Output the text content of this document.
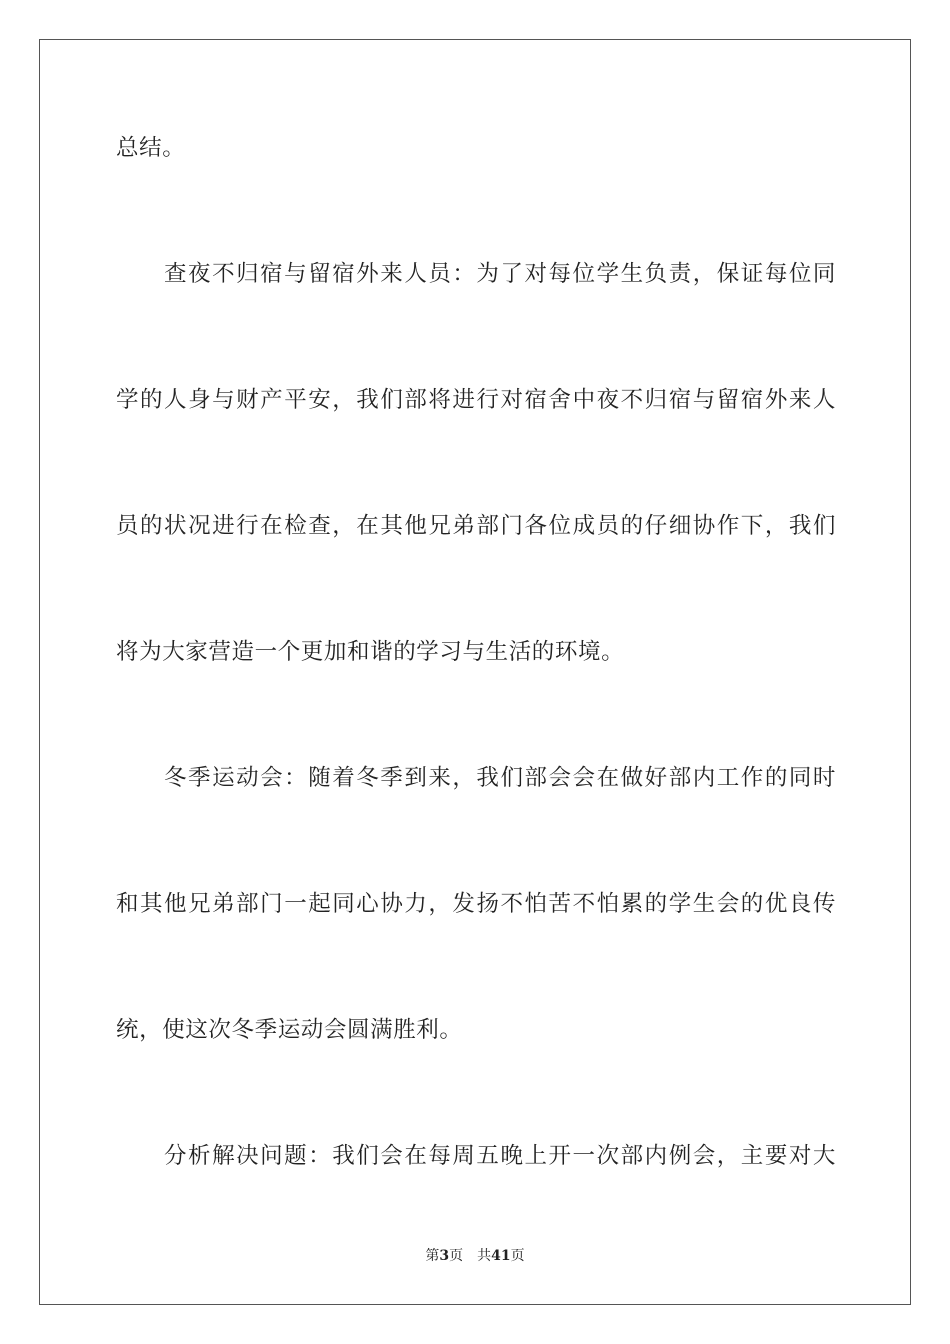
总结。
查夜不归宿与留宿外来人员：为了对每位学生负责，保证每位同
学的人身与财产平安，我们部将进行对宿舍中夜不归宿与留宿外来人
员的状况进行在检查，在其他兄弟部门各位成员的仔细协作下，我们
将为大家营造一个更加和谐的学习与生活的环境。
冬季运动会：随着冬季到来，我们部会会在做好部内工作的同时
和其他兄弟部门一起同心协力，发扬不怕苦不怕累的学生会的优良传
统，使这次冬季运动会圆满胜利。
分析解决问题：我们会在每周五晚上开一次部内例会，主要对大
第3页 共41页
